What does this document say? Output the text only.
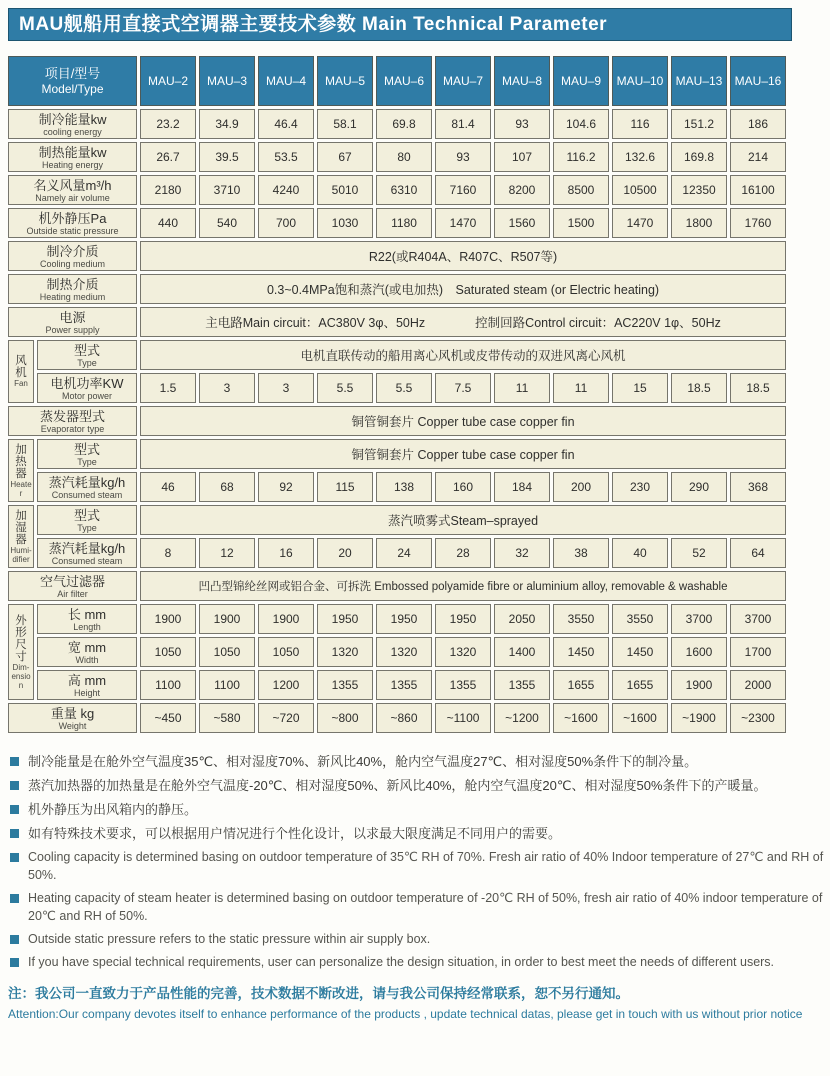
MAU舰船用直接式空调器主要技术参数 Main Technical Parameter
项目/型号
Model/Type		MAU–2	MAU–3	MAU–4	MAU–5	MAU–6	MAU–7	MAU–8	MAU–9	MAU–10	MAU–13	MAU–16

制冷能量kw
cooling energy		23.2	34.9	46.4	58.1	69.8	81.4	93	104.6	116	151.2	186

制热能量kw
Heating energy		26.7	39.5	53.5	67	80	93	107	116.2	132.6	169.8	214

名义风量m³/h
Namely air volume		2180	3710	4240	5010	6310	7160	8200	8500	10500	12350	16100

机外静压Pa
Outside static pressure		440	540	700	1030	1180	1470	1560	1500	1470	1800	1760

制冷介质
Cooling medium		R22(或R404A、R407C、R507等)										

制热介质
Heating medium		0.3~0.4MPa饱和蒸汽(或电加热)　Saturated steam (or Electric heating)										

电源
Power supply		主电路Main circuit：AC380V 3φ、50Hz　　　　控制回路Control circuit：AC220V 1φ、50Hz										

风机
Fan

型式
Type	电机直联传动的船用离心风机或皮带传动的双进风离心风机

	电机功率KW
Motor power	1.5	3	3	5.5	5.5	7.5	11	11	15	18.5	18.5

蒸发器型式
Evaporator type		铜管铜套片 Copper tube case copper fin										

加热器
Heater

型式
Type	铜管铜套片 Copper tube case copper fin

	蒸汽耗量kg/h
Consumed steam	46	68	92	115	138	160	184	200	230	290	368

加湿器
Humi-difier

型式
Type	蒸汽喷雾式Steam–sprayed

	蒸汽耗量kg/h
Consumed steam	8	12	16	20	24	28	32	38	40	52	64

空气过滤器
Air filter		凹凸型锦纶丝网或铝合金、可拆洗 Embossed polyamide fibre or aluminium alloy, removable & washable										

外形尺寸
Dim-ension

长 mm
Length
	1900	1900	1900	1950	1950	1950	2050	3550	3550	3700	3700

	宽 mm
Width	1050	1050	1050	1320	1320	1320	1400	1450	1450	1600	1700

	高 mm
Height	1100	1100	1200	1355	1355	1355	1355	1655	1655	1900	2000

重量 kg
Weight		~450	~580	~720	~800	~860	~1100	~1200	~1600	~1600	~1900	~2300
制冷能量是在舱外空气温度35℃、相对湿度70%、新风比40%，舱内空气温度27℃、相对湿度50%条件下的制冷量。
蒸汽加热器的加热量是在舱外空气温度-20℃、相对湿度50%、新风比40%，舱内空气温度20℃、相对湿度50%条件下的产暖量。
机外静压为出风箱内的静压。
如有特殊技术要求，可以根据用户情况进行个性化设计，以求最大限度满足不同用户的需要。
Cooling capacity is determined basing on outdoor temperature of 35℃ RH of 70%. Fresh air ratio of 40% Indoor temperature of 27℃ and RH of 50%.
Heating capacity of steam heater is determined basing on outdoor temperature of -20℃ RH of 50%, fresh air ratio of 40% indoor temperature of 20℃ and RH of 50%.
Outside static pressure refers to the static pressure within air supply box.
If you have special technical requirements, user can personalize the design situation, in order to best meet the needs of different users.
注：我公司一直致力于产品性能的完善，技术数据不断改进，请与我公司保持经常联系，恕不另行通知。
Attention:Our company devotes itself to enhance performance of the products , update technical datas, please get in touch with us without prior notice
